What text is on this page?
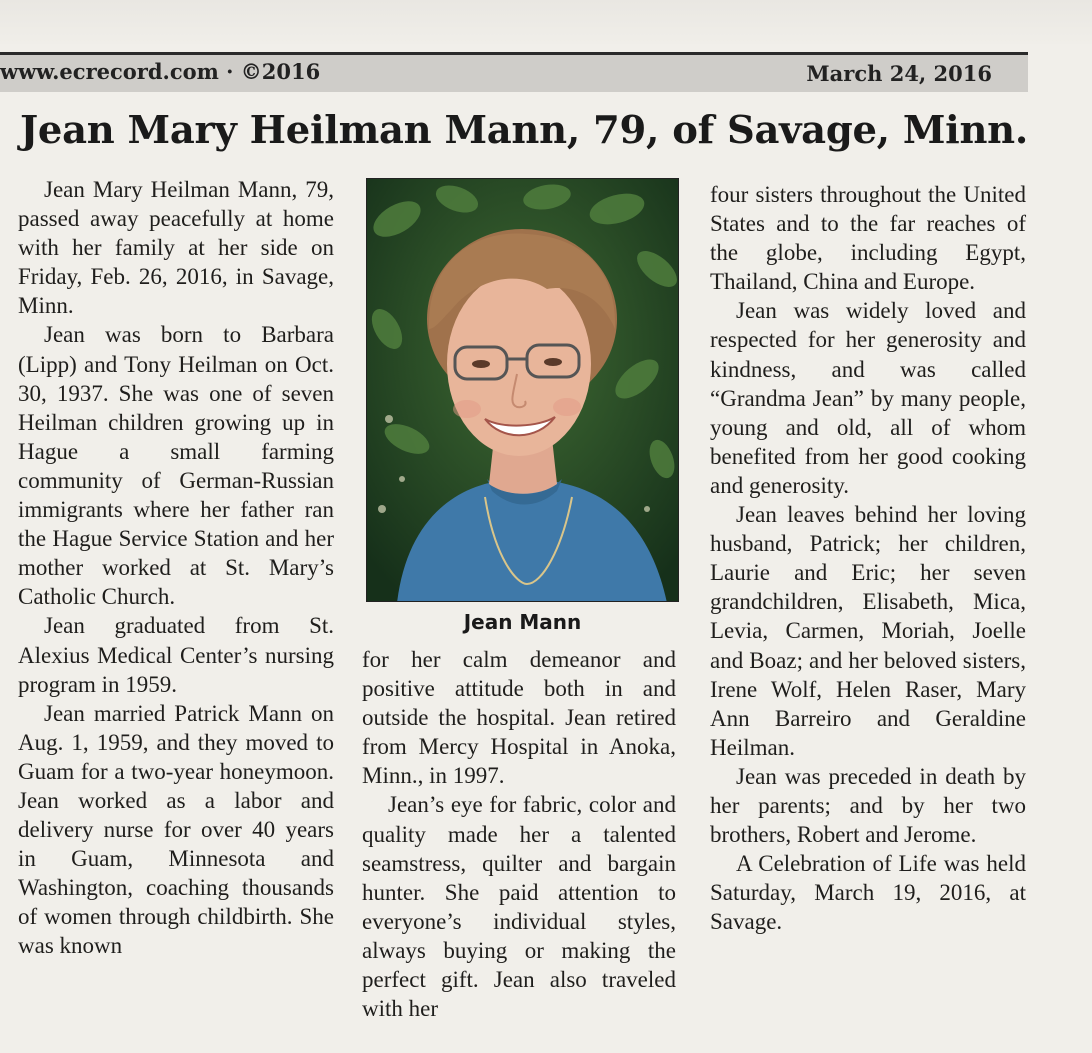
www.ecrecord.com · ©2016	March 24, 2016
Jean Mary Heilman Mann, 79, of Savage, Minn.

Jean Mary Heilman Mann, 79, passed away peacefully at home with her family at her side on Friday, Feb. 26, 2016, in Savage, Minn.

Jean was born to Barbara (Lipp) and Tony Heilman on Oct. 30, 1937. She was one of seven Heilman children growing up in Hague a small farming community of German-Russian immigrants where her father ran the Hague Service Station and her mother worked at St. Mary’s Catholic Church.

Jean graduated from St. Alexius Medical Center’s nursing program in 1959.

Jean married Patrick Mann on Aug. 1, 1959, and they moved to Guam for a two-year honeymoon. Jean worked as a labor and delivery nurse for over 40 years in Guam, Minnesota and Washington, coaching thousands of women through childbirth. She was known

Jean Mann

for her calm demeanor and positive attitude both in and outside the hospital. Jean retired from Mercy Hospital in Anoka, Minn., in 1997.

Jean’s eye for fabric, color and quality made her a talented seamstress, quilter and bargain hunter. She paid attention to everyone’s individual styles, always buying or making the perfect gift. Jean also traveled with her

four sisters throughout the United States and to the far reaches of the globe, including Egypt, Thailand, China and Europe.

Jean was widely loved and respected for her generosity and kindness, and was called “Grandma Jean” by many people, young and old, all of whom benefited from her good cooking and generosity.

Jean leaves behind her loving husband, Patrick; her children, Laurie and Eric; her seven grandchildren, Elisabeth, Mica, Levia, Carmen, Moriah, Joelle and Boaz; and her beloved sisters, Irene Wolf, Helen Raser, Mary Ann Barreiro and Geraldine Heilman.

Jean was preceded in death by her parents; and by her two brothers, Robert and Jerome.

A Celebration of Life was held Saturday, March 19, 2016, at Savage.
